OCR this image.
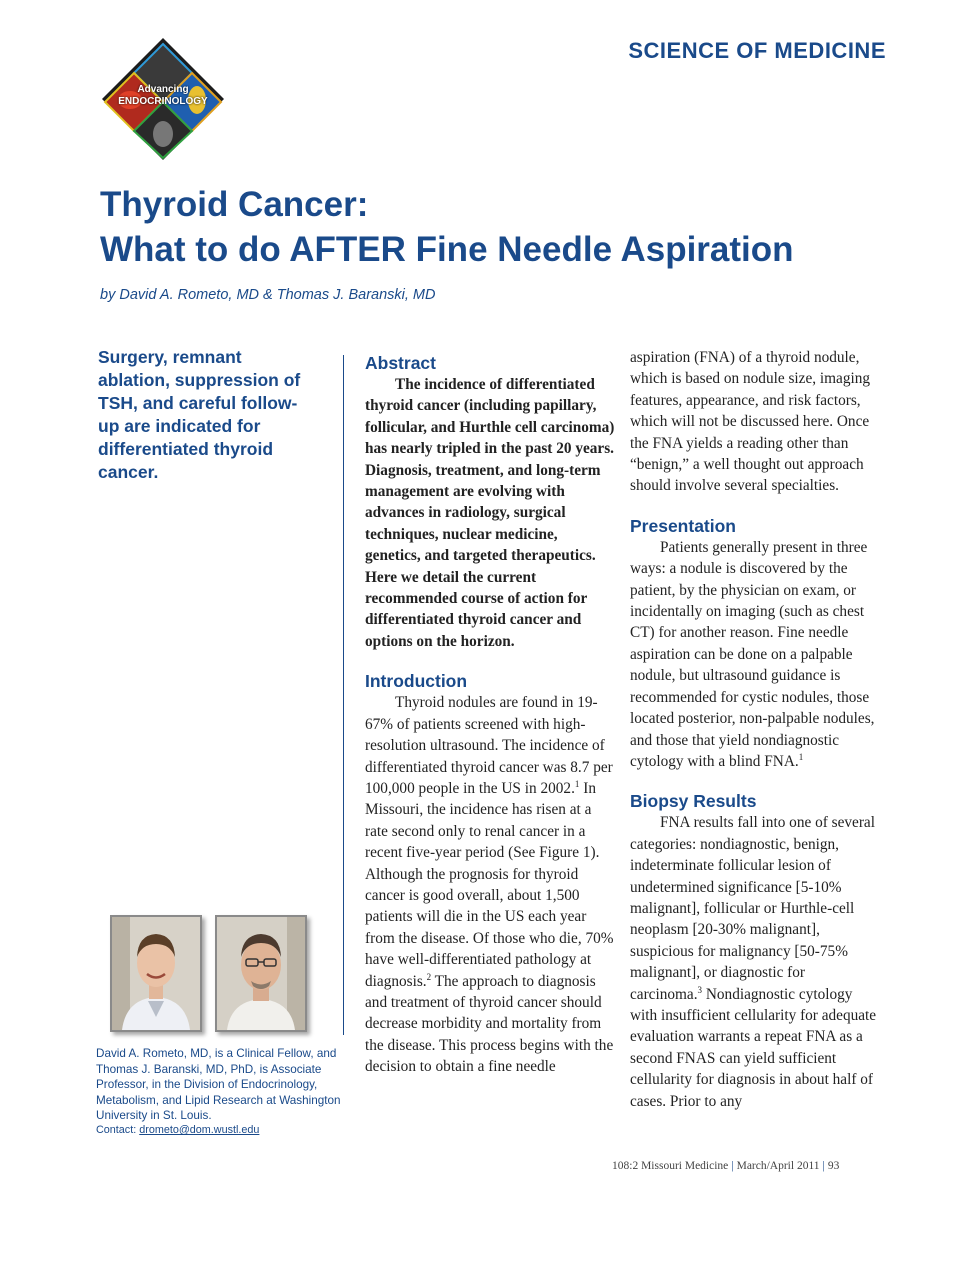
SCIENCE OF MEDICINE
Advancing
ENDOCRINOLOGY
Thyroid Cancer:
What to do AFTER Fine Needle Aspiration
by David A. Rometo, MD & Thomas J. Baranski, MD

Surgery, remnant ablation, suppression of TSH, and careful follow-up are indicated for differentiated thyroid cancer.

David A. Rometo, MD, is a Clinical Fellow, and Thomas J. Baranski, MD, PhD, is Associate Professor, in the Division of Endocrinology, Metabolism, and Lipid Research at Washington University in St. Louis.

Contact: drometo@dom.wustl.edu
Abstract

The incidence of differentiated thyroid cancer (including papillary, follicular, and Hurthle cell carcinoma) has nearly tripled in the past 20 years. Diagnosis, treatment, and long-term management are evolving with advances in radiology, surgical techniques, nuclear medicine, genetics, and targeted therapeutics. Here we detail the current recommended course of action for differentiated thyroid cancer and options on the horizon.

Introduction

Thyroid nodules are found in 19-67% of patients screened with high-resolution ultrasound. The incidence of differentiated thyroid cancer was 8.7 per 100,000 people in the US in 2002.$^1$ In Missouri, the incidence has risen at a rate second only to renal cancer in a recent five-year period (See Figure 1). Although the prognosis for thyroid cancer is good overall, about 1,500 patients will die in the US each year from the disease. Of those who die, 70% have well-differentiated pathology at diagnosis.$^2$ The approach to diagnosis and treatment of thyroid cancer should decrease morbidity and mortality from the disease. This process begins with the decision to obtain a fine needle

aspiration (FNA) of a thyroid nodule, which is based on nodule size, imaging features, appearance, and risk factors, which will not be discussed here. Once the FNA yields a reading other than “benign,” a well thought out approach should involve several specialties.

Presentation

Patients generally present in three ways: a nodule is discovered by the patient, by the physician on exam, or incidentally on imaging (such as chest CT) for another reason. Fine needle aspiration can be done on a palpable nodule, but ultrasound guidance is recommended for cystic nodules, those located posterior, non-palpable nodules, and those that yield nondiagnostic cytology with a blind FNA.$^1$

Biopsy Results

FNA results fall into one of several categories: nondiagnostic, benign, indeterminate follicular lesion of undetermined significance [5-10% malignant], follicular or Hurthle-cell neoplasm [20-30% malignant], suspicious for malignancy [50-75% malignant], or diagnostic for carcinoma.$^3$ Nondiagnostic cytology with insufficient cellularity for adequate evaluation warrants a repeat FNA as a second FNAS can yield sufficient cellularity for diagnosis in about half of cases. Prior to any

108:2 Missouri Medicine | March/April 2011 | 93
